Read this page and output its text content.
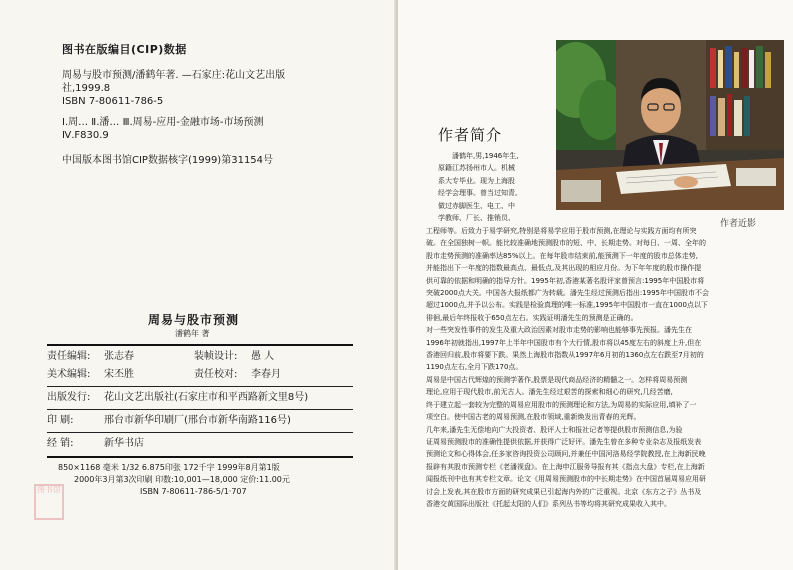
图书在版编目(CIP)数据
周易与股市预测/潘鹤年著. —石家庄:花山文艺出版
社,1999.8
ISBN 7-80611-786-5
Ⅰ.周… Ⅱ.潘… Ⅲ.周易-应用-金融市场-市场预测
Ⅳ.F830.9
中国版本图书馆CIP数据核字(1999)第31154号
周易与股市预测
潘鹤年 著
责任编辑: 张志春	装帧设计: 愚 人
美术编辑: 宋丕胜	责任校对: 李春月
出版发行: 花山文艺出版社(石家庄市和平西路新文里8号)
印 刷:	邢台市新华印刷厂(邢台市新华南路116号)
经 销:	新华书店
850×1168 毫米 1/32 6.875印张 172千字 1999年8月第1版
2000年3月第3次印刷 印数:10,001—18,000 定价:11.00元
ISBN 7-80611-786-5/1·707
图书馆
作者近影
作者简介
潘鹤年,男,1946年生,
原籍江苏扬州市人。机械
系大专毕业。现为上海股
经学会理事。曾当过知青,
做过赤脚医生、电工、中
学教师、厂长、推销员、
工程师等。后致力于易学研究,特别是将易学应用于股市预测,在理论与实践方面均有所突
破。在全国独树一帜。能比较准确地预测股市的短、中、长期走势。对每日、一周、全年的
股市走势预测的准确率达85%以上。在每年股市结束前,能预测下一年度的股市总体走势,
并能指出下一年度的指数最高点、最低点,及其出现的相应月份。为下年年度的股市操作提
供可靠的依据和明确的指导方针。1995年初,香港某著名股评家曾预言:1995年中国股市将
突破2000点大关。中国各大报纸都广为转载。潘先生经过预测后指出:1995年中国股市不会
超过1000点,并予以公布。实践是检验真理的唯一标准,1995年中国股市一直在1000点以下
徘徊,最后年终报收于650点左右。实践证明潘先生的预测是正确的。
对一些突发性事件的发生及重大政治因素对股市走势的影响也能够事先预报。潘先生在
1996年初就指出,1997年上半年中国股市有个大行情,股市将以45度左右的斜度上升,但在
香港回归前,股市将要下跌。果然上海股市指数从1997年6月初的1360点左右跌至7月初的
1190点左右,全月下跌170点。
周易是中国古代辉煌的预测学著作,股票是现代商品经济的精髓之一。怎样将周易预测
理论,应用于现代股市,前无古人。潘先生经过艰苦的探索和细心的研究,几经苦磨,
终于建立起一套较为完整的周易应用股市的预测理论和方法,为周易的实际应用,填补了一
项空白。使中国古老的周易预测,在股市领域,重新焕发出青春的光辉。
几年来,潘先生无偿地向广大投资者、股评人士和报社记者等提供股市预测信息,为验
证周易预测股市的准确性提供依据,并获得广泛好评。潘先生曾在多种专业杂志及报纸发表
预测论文和心得体会,任多家咨询投资公司顾问,并兼任中国河洛易经学院教授,在上海新民晚
报辟有其股市预测专栏《老潘视盘》。在上海申江服务导报有其《指点大盘》专栏,在上海新
闻报纸刊中也有其专栏文章。论文《用周易预测股市的中长期走势》在中国首届周易应用研
讨会上发表,其在股市方面的研究成果已引起海内外的广泛重视。北京《东方之子》丛书及
香港交黄国际出版社《托起太阳的人们》系列丛书等均将其研究成果收入其中。
